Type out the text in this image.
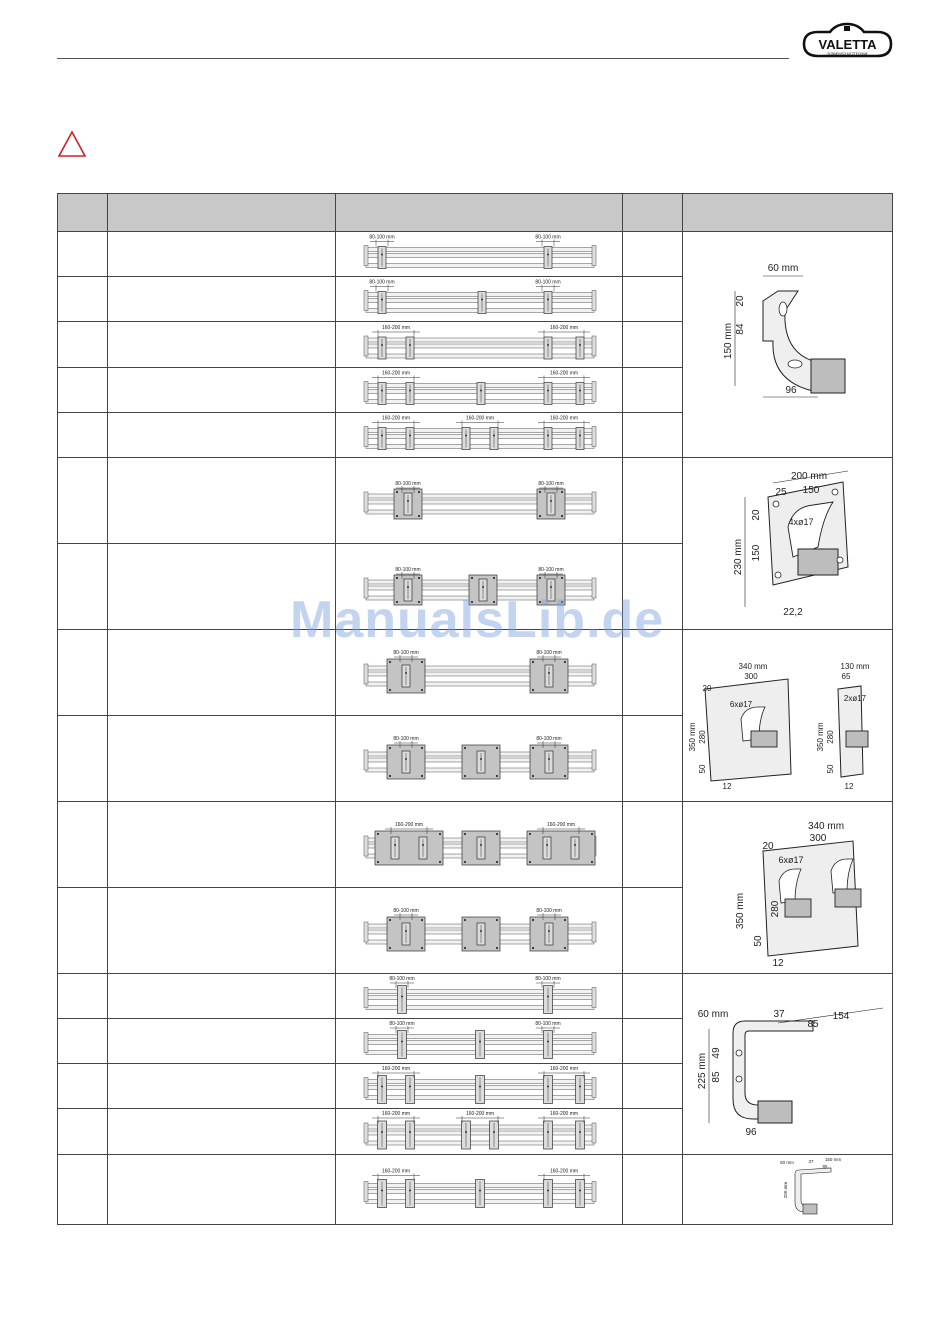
VALETTA
SONNENSCHUTZTECHNIK
80-100 mm	80-100 mm
80-100 mm	80-100 mm
160-200 mm	160-200 mm
160-200 mm	160-200 mm
160-200 mm	160-200 mm	160-200 mm
80-100 mm	80-100 mm
80-100 mm	80-100 mm
80-100 mm	80-100 mm
80-100 mm	80-100 mm
160-200 mm	160-200 mm
80-100 mm	80-100 mm
80-100 mm	80-100 mm
80-100 mm	80-100 mm
160-200 mm	160-200 mm
160-200 mm	160-200 mm	160-200 mm
160-200 mm	160-200 mm
60 mm
20
84
150 mm
96
200 mm
25 150
20
4xø17
150
230 mm
22,2
340 mm
300
20
6xø17
350 mm 280
50
12
130 mm
65
2xø17
350 mm 280
50
12
340 mm
300
20
6xø17
280
350 mm
50
12
60 mm	37
85
154
49
85
225 mm
96
60 mm	37	150 mm
85
250 mm
ManualsLib.de
